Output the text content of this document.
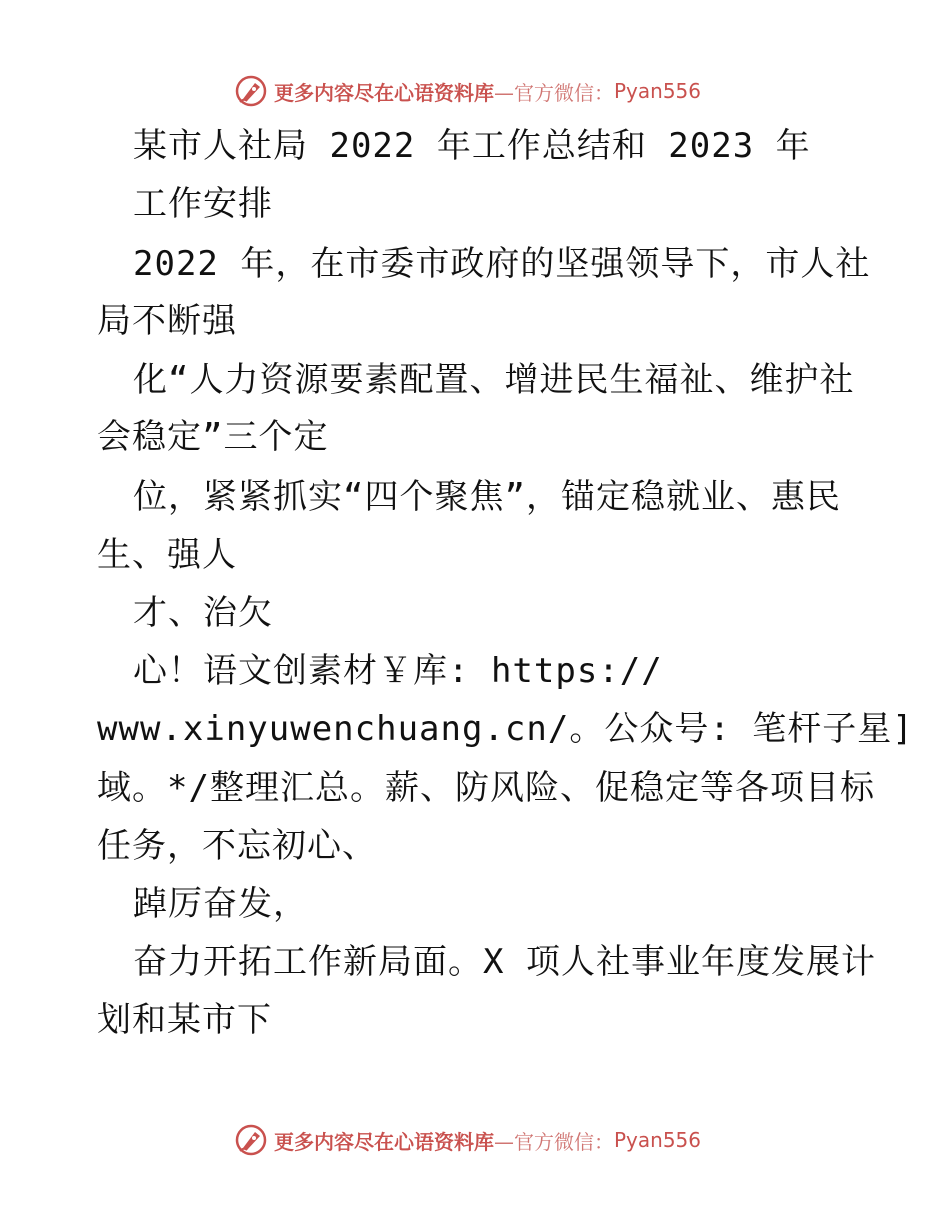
更多内容尽在心语资料库 —官方微信： Pyan556
某市人社局 2022 年工作总结和 2023 年
工作安排
2022 年，在市委市政府的坚强领导下，市人社
局不断强
化“人力资源要素配置、增进民生福祉、维护社
会稳定”三个定
位，紧紧抓实“四个聚焦”，锚定稳就业、惠民
生、强人
才、治欠
心！语文创素材￥库: https://
www.xinyuwenchuang.cn/。公众号: 笔杆子星]
域。*/整理汇总。薪、防风险、促稳定等各项目标
任务，不忘初心、
踔厉奋发，
奋力开拓工作新局面。X 项人社事业年度发展计
划和某市下
更多内容尽在心语资料库 —官方微信： Pyan556
